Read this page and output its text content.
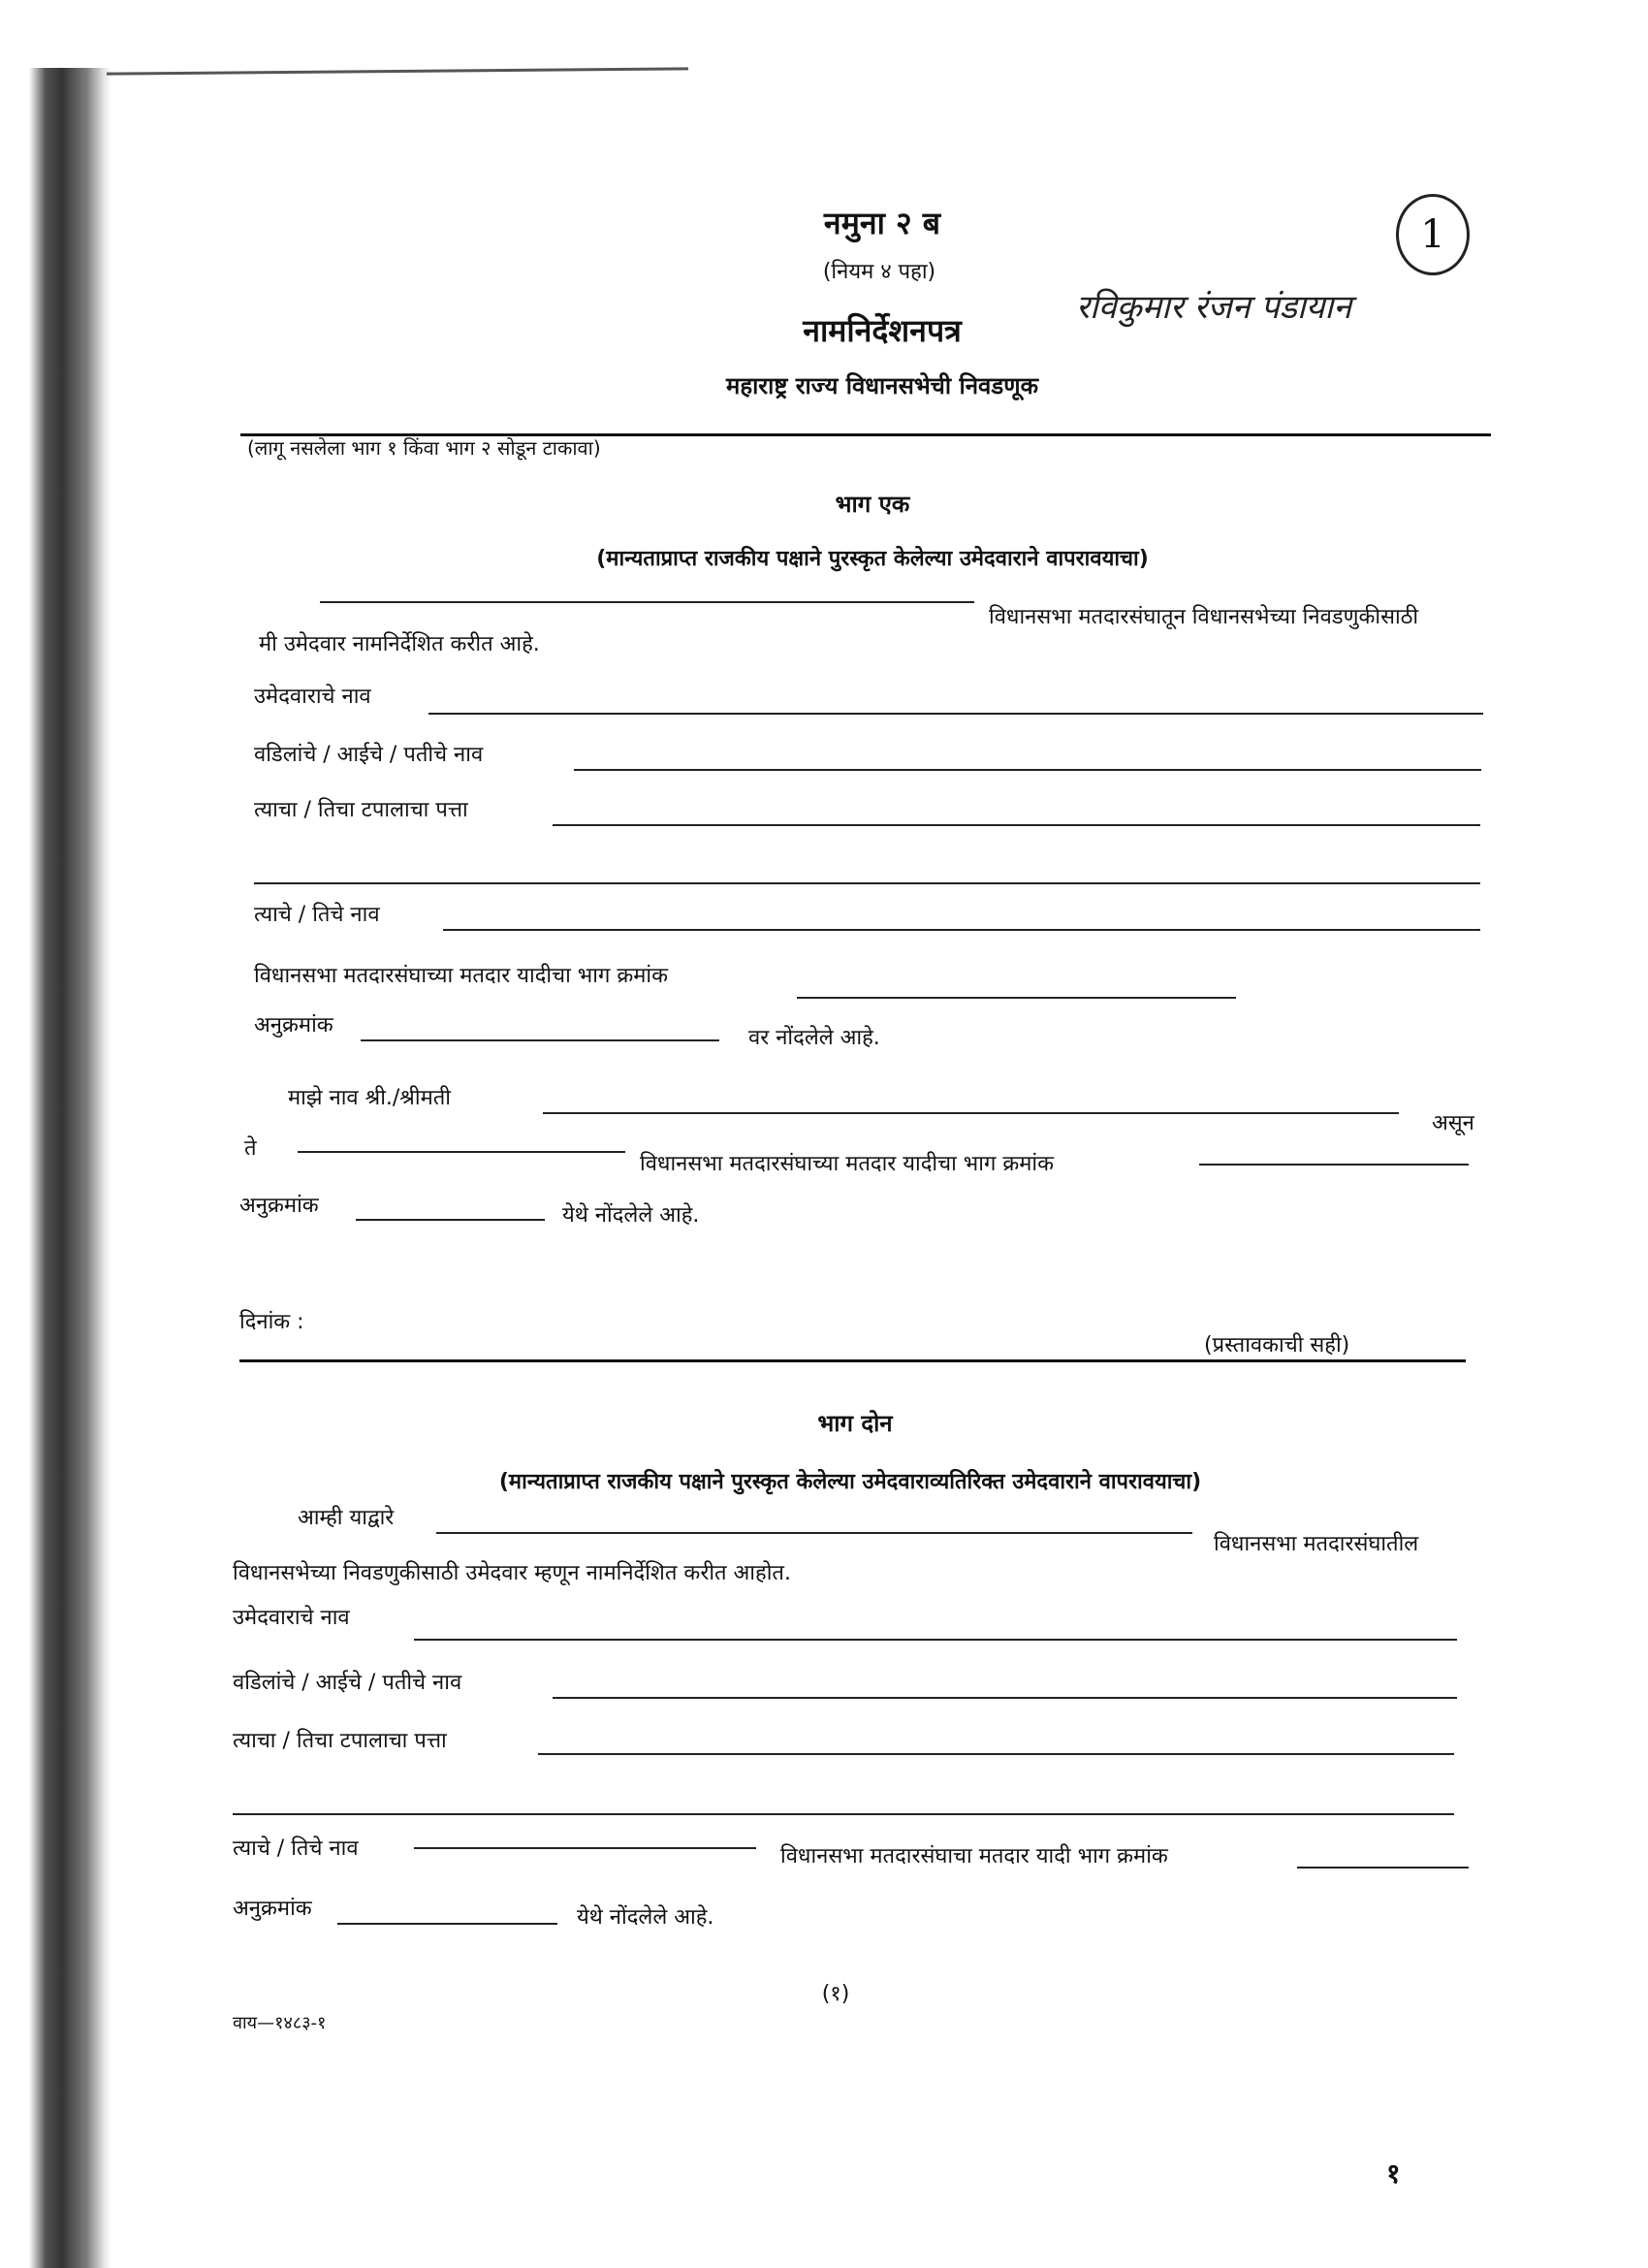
नमुना २ ब
(नियम ४ पहा)
नामनिर्देशनपत्र
महाराष्ट्र राज्य विधानसभेची निवडणूक
1
रविकुमार रंजन पंडायान
(लागू नसलेला भाग १ किंवा भाग २ सोडून टाकावा)
भाग एक
(मान्यताप्राप्त राजकीय पक्षाने पुरस्कृत केलेल्या उमेदवाराने वापरावयाचा)
विधानसभा मतदारसंघातून विधानसभेच्या निवडणुकीसाठी
मी उमेदवार नामनिर्देशित करीत आहे.
उमेदवाराचे नाव
वडिलांचे / आईचे / पतीचे नाव
त्याचा / तिचा टपालाचा पत्ता
त्याचे / तिचे नाव
विधानसभा मतदारसंघाच्या मतदार यादीचा भाग क्रमांक
अनुक्रमांक
वर नोंदलेले आहे.
माझे नाव श्री./श्रीमती
असून
ते
विधानसभा मतदारसंघाच्या मतदार यादीचा भाग क्रमांक
अनुक्रमांक	येथे नोंदलेले आहे.
दिनांक :
(प्रस्तावकाची सही)
भाग दोन
(मान्यताप्राप्त राजकीय पक्षाने पुरस्कृत केलेल्या उमेदवाराव्यतिरिक्त उमेदवाराने वापरावयाचा)
आम्ही याद्वारे
विधानसभा मतदारसंघातील
विधानसभेच्या निवडणुकीसाठी उमेदवार म्हणून नामनिर्देशित करीत आहोत.
उमेदवाराचे नाव
वडिलांचे / आईचे / पतीचे नाव
त्याचा / तिचा टपालाचा पत्ता
त्याचे / तिचे नाव	विधानसभा मतदारसंघाचा मतदार यादी भाग क्रमांक
अनुक्रमांक	येथे नोंदलेले आहे.
(१)
वाय—१४८३-१
१
